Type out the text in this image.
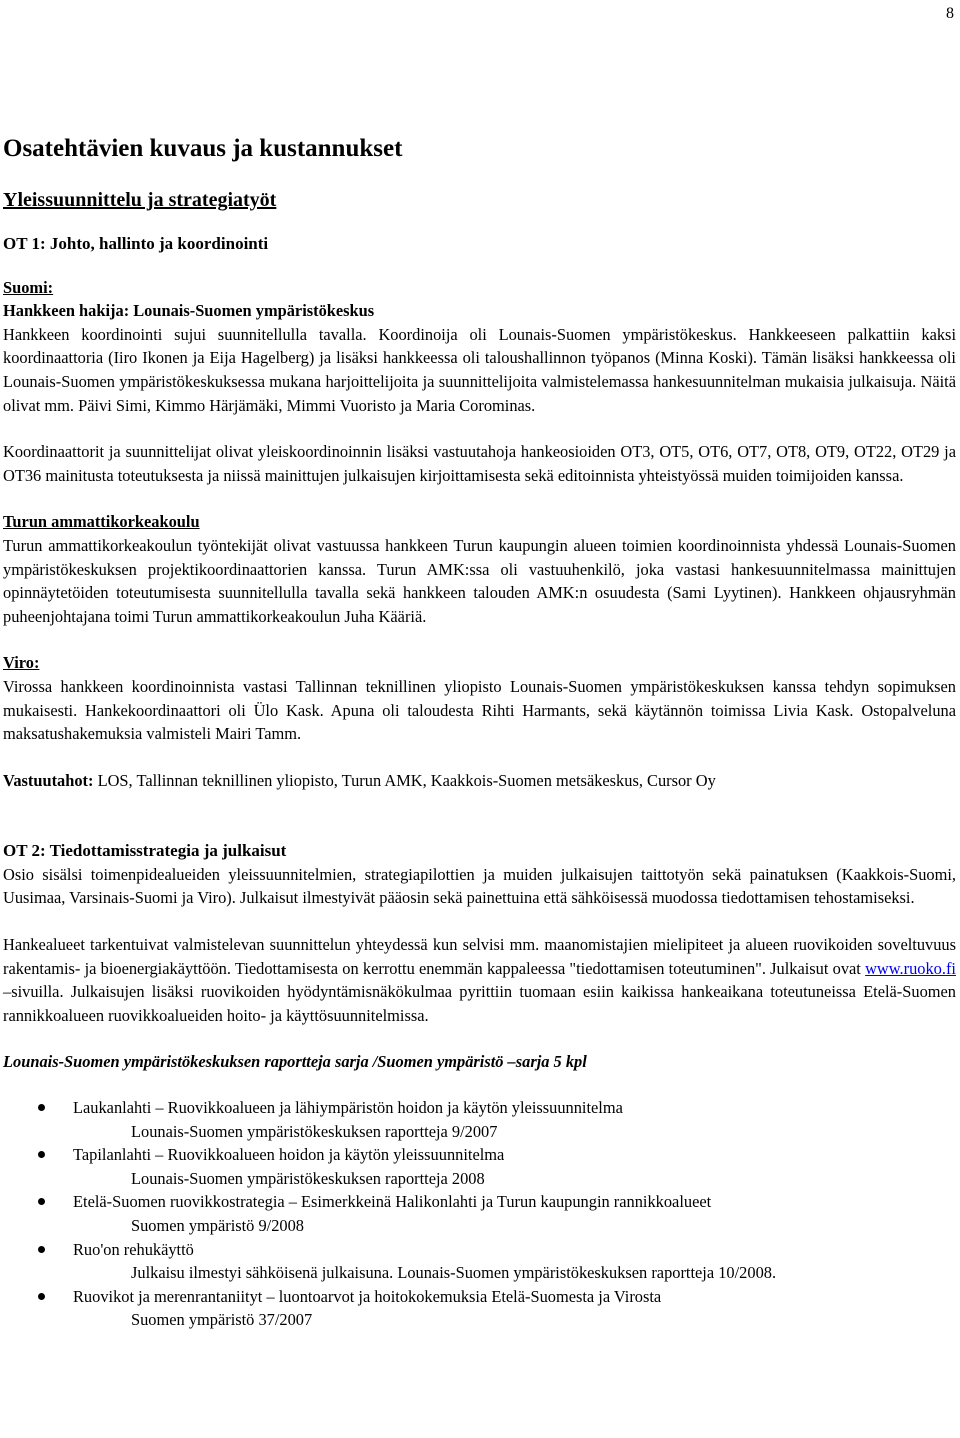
8
Osatehtävien kuvaus ja kustannukset
Yleissuunnittelu ja strategiatyöt
OT 1: Johto, hallinto ja koordinointi
Suomi:
Hankkeen hakija: Lounais-Suomen ympäristökeskus

Hankkeen koordinointi sujui suunnitellulla tavalla. Koordinoija oli Lounais-Suomen ympäristökeskus. Hankkeeseen palkattiin kaksi koordinaattoria (Iiro Ikonen ja Eija Hagelberg) ja lisäksi hankkeessa oli taloushallinnon työpanos (Minna Koski). Tämän lisäksi hankkeessa oli Lounais-Suomen ympäristökeskuksessa mukana harjoittelijoita ja suunnittelijoita valmistelemassa hankesuunnitelman mukaisia julkaisuja. Näitä olivat mm. Päivi Simi, Kimmo Härjämäki, Mimmi Vuoristo ja Maria Corominas.

Koordinaattorit ja suunnittelijat olivat yleiskoordinoinnin lisäksi vastuutahoja hankeosioiden OT3, OT5, OT6, OT7, OT8, OT9, OT22, OT29 ja OT36 mainitusta toteutuksesta ja niissä mainittujen julkaisujen kirjoittamisesta sekä editoinnista yhteistyössä muiden toimijoiden kanssa.

Turun ammattikorkeakoulu

Turun ammattikorkeakoulun työntekijät olivat vastuussa hankkeen Turun kaupungin alueen toimien koordinoinnista yhdessä Lounais-Suomen ympäristökeskuksen projektikoordinaattorien kanssa. Turun AMK:ssa oli vastuuhenkilö, joka vastasi hankesuunnitelmassa mainittujen opinnäytetöiden toteutumisesta suunnitellulla tavalla sekä hankkeen talouden AMK:n osuudesta (Sami Lyytinen). Hankkeen ohjausryhmän puheenjohtajana toimi Turun ammattikorkeakoulun Juha Kääriä.

Viro:

Virossa hankkeen koordinoinnista vastasi Tallinnan teknillinen yliopisto Lounais-Suomen ympäristökeskuksen kanssa tehdyn sopimuksen mukaisesti. Hankekoordinaattori oli Ülo Kask. Apuna oli taloudesta Rihti Harmants, sekä käytännön toimissa Livia Kask. Ostopalveluna maksatushakemuksia valmisteli Mairi Tamm.

Vastuutahot: LOS, Tallinnan teknillinen yliopisto, Turun AMK, Kaakkois-Suomen metsäkeskus, Cursor Oy

OT 2: Tiedottamisstrategia ja julkaisut

Osio sisälsi toimenpidealueiden yleissuunnitelmien, strategiapilottien ja muiden julkaisujen taittotyön sekä painatuksen (Kaakkois-Suomi, Uusimaa, Varsinais-Suomi ja Viro). Julkaisut ilmestyivät pääosin sekä painettuina että sähköisessä muodossa tiedottamisen tehostamiseksi.

Hankealueet tarkentuivat valmistelevan suunnittelun yhteydessä kun selvisi mm. maanomistajien mielipiteet ja alueen ruovikoiden soveltuvuus rakentamis- ja bioenergiakäyttöön. Tiedottamisesta on kerrottu enemmän kappaleessa "tiedottamisen toteutuminen". Julkaisut ovat www.ruoko.fi –sivuilla. Julkaisujen lisäksi ruovikoiden hyödyntämisnäkökulmaa pyrittiin tuomaan esiin kaikissa hankeaikana toteutuneissa Etelä-Suomen rannikkoalueen ruovikkoalueiden hoito- ja käyttösuunnitelmissa.

Lounais-Suomen ympäristökeskuksen raportteja sarja /Suomen ympäristö –sarja 5 kpl
Laukanlahti – Ruovikkoalueen ja lähiympäristön hoidon ja käytön yleissuunnitelma
Lounais-Suomen ympäristökeskuksen raportteja 9/2007
Tapilanlahti – Ruovikkoalueen hoidon ja käytön yleissuunnitelma
Lounais-Suomen ympäristökeskuksen raportteja 2008
Etelä-Suomen ruovikkostrategia – Esimerkkeinä Halikonlahti ja Turun kaupungin rannikkoalueet
Suomen ympäristö 9/2008
Ruo'on rehukäyttö
Julkaisu ilmestyi sähköisenä julkaisuna. Lounais-Suomen ympäristökeskuksen raportteja 10/2008.
Ruovikot ja merenrantaniityt – luontoarvot ja hoitokokemuksia Etelä-Suomesta ja Virosta
Suomen ympäristö 37/2007
